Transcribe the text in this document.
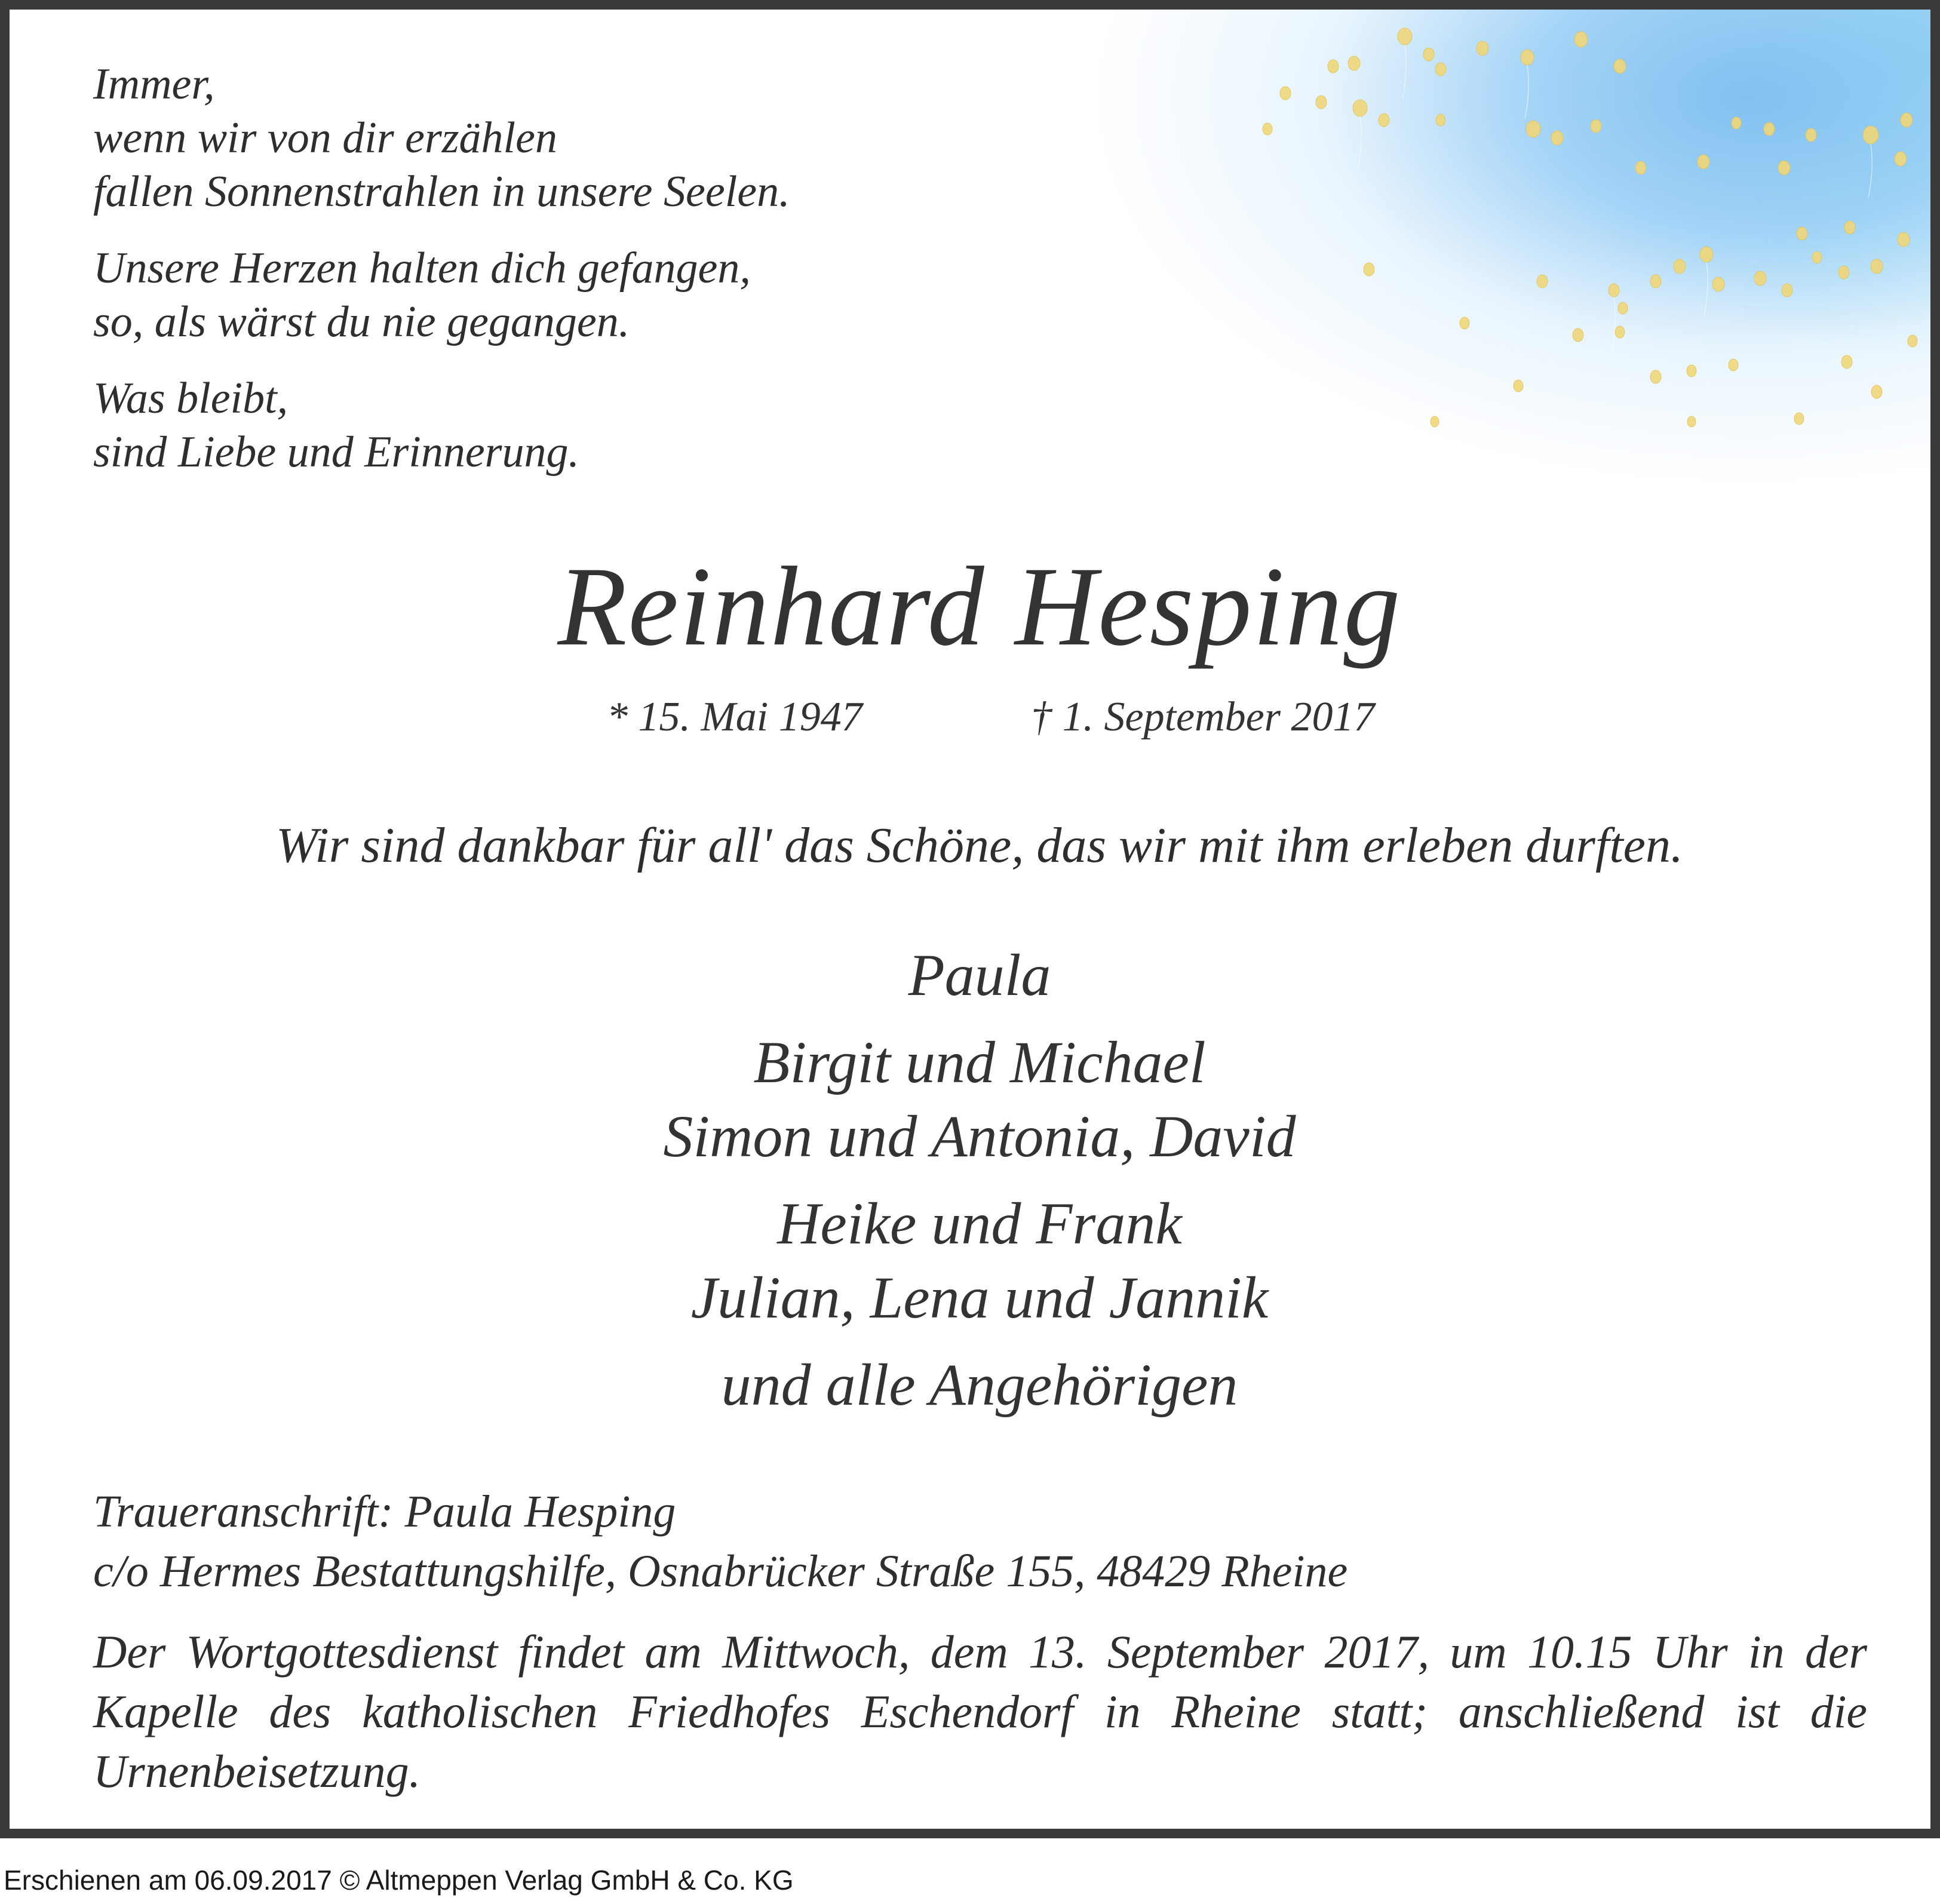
Immer,
wenn wir von dir erzählen
fallen Sonnenstrahlen in unsere Seelen.
Unsere Herzen halten dich gefangen,
so, als wärst du nie gegangen.
Was bleibt,
sind Liebe und Erinnerung.
Reinhard Hesping
* 15. Mai 1947	† 1. September 2017
Wir sind dankbar für all' das Schöne, das wir mit ihm erleben durften.
Paula
Birgit und Michael
Simon und Antonia, David
Heike und Frank
Julian, Lena und Jannik
und alle Angehörigen
Traueranschrift: Paula Hesping
c/o Hermes Bestattungshilfe, Osnabrücker Straße 155, 48429 Rheine
Der Wortgottesdienst findet am Mittwoch, dem 13. September 2017, um 10.15 Uhr in der Kapelle des katholischen Friedhofes Eschendorf in Rheine statt; anschließend ist die Urnenbeisetzung.
Erschienen am 06.09.2017 © Altmeppen Verlag GmbH & Co. KG
